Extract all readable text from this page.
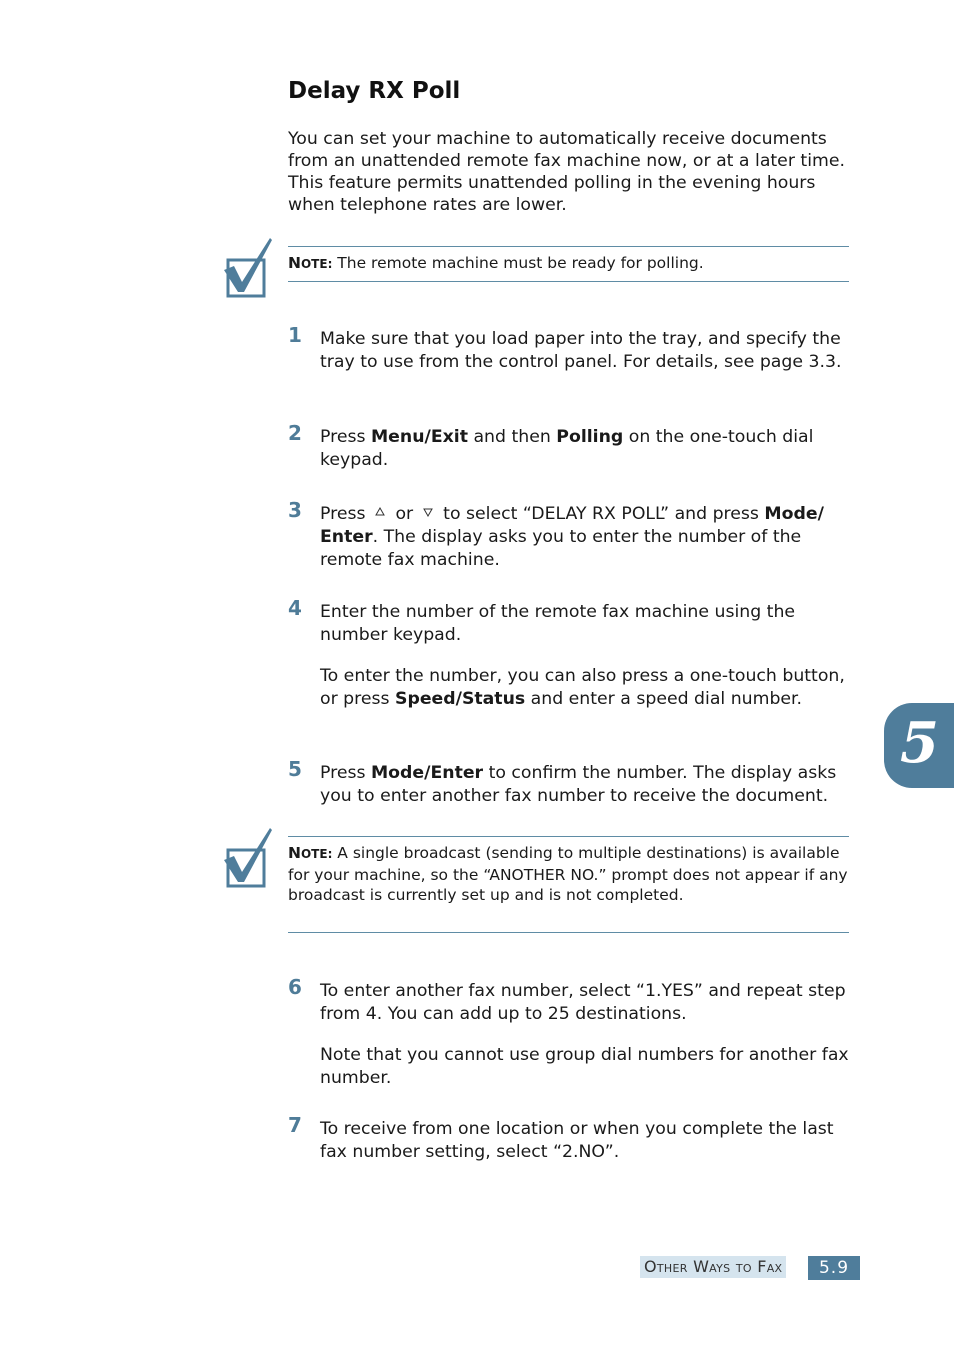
Delay RX Poll
You can set your machine to automatically receive documents from an unattended remote fax machine now, or at a later time. This feature permits unattended polling in the evening hours when telephone rates are lower.
NOTE: The remote machine must be ready for polling.
1 Make sure that you load paper into the tray, and specify the tray to use from the control panel. For details, see page 3.3.

2 Press Menu/Exit and then Polling on the one-touch dial keypad.

3 Press or to select “DELAY RX POLL” and press Mode/ Enter. The display asks you to enter the number of the remote fax machine.

4 Enter the number of the remote fax machine using the number keypad.

To enter the number, you can also press a one-touch button, or press Speed/Status and enter a speed dial number.

5 Press Mode/Enter to confirm the number. The display asks you to enter another fax number to receive the document.

NOTE: A single broadcast (sending to multiple destinations) is available for your machine, so the “ANOTHER NO.” prompt does not appear if any broadcast is currently set up and is not completed.
6 To enter another fax number, select “1.YES” and repeat step from 4. You can add up to 25 destinations.

Note that you cannot use group dial numbers for another fax number.

7 To receive from one location or when you complete the last fax number setting, select “2.NO”.

5
Other Ways to Fax	5.9
